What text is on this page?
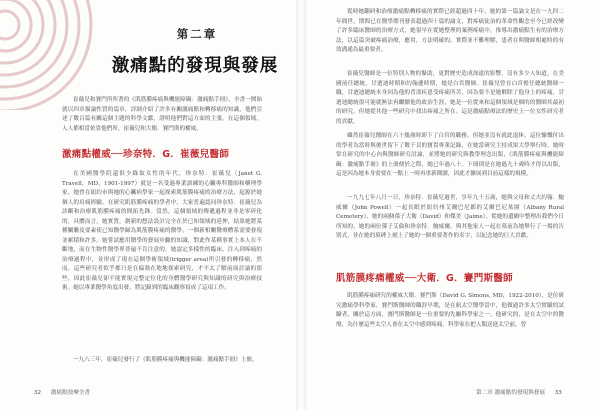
第二章
激痛點的發現與發展

崔薇兒和賽門所所著的《肌筋膜疼痛與機能障礙：激痛點手冊》，全書一開始就以四章描論性質的篇章，詳細介紹了許多有關激痛點和轉移痛的知識，他們引述了數百篇有關這個主題的科學文獻，證明他們對這方面的主張。在這個領域，人人都相當依靠他們所，崔薇兒和大衛．賽門斯的權威。

激痛點權威──珍奈特．G．崔薇兒醫師

在美國醫學院還很少錄取女性的年代，珍奈特．崔薇兒（Janet G. Travell，MD，1901-1997）就是一名受過專業訓練的心臟專科醫師和藥理學家。她曾在紐約市與她的心臟病學家一起探索肌筋膜疼痛的治療方法，起源於她個人的肩痛經驗。在研究肌筋膜疼痛的學者中，大家普遍認同珍奈特．崔薇兒為診斷和治療肌筋膜疼痛的開拓先鋒。當然，這個領域的傳遞過程並非是零碎化的，具體而言，她實質，創新的想法設計完全在於已知領域的延伸，結果她將某種關聯及要素使已知醫學歸為肌筋膜疼痛的醫學。一個新相關醫療體系需要發現並累積和許多。她嘗試應用醫學的發展步驟的知識，對此作某種事實上本人在不斷地，而在生物性醫學界普遍不肯注意的。她認定多樣性的臨床，注入到疼痛的治療過程中，並形成了現在這個學術領域(trigger area)所引發的轉移痛，然而，這些研究者似乎都只是在偏執在地地探索研究，才不太了解前面討論的那些，因此崔薇兒卻不能實現完整定位化的身體醫學研究與知識的研究與治療技術。她以專業醫學角度出發，將記錄到的臨床觀察寫成了這項工作。

一九八三年，崔薇兒發行了《肌筋膜疼痛與機能障礙：激痛點手冊》上冊，

32 激痛點按摩全書

從時她翻研和治療激痛點轉移痛的實際已經超過四十年，她的第一篇論文是在一九四二年間世，期間已在醫學期刊發表超過四十篇的論文，對疼痛徒治的革命性觀念至今已經改變了許多臨床醫師的治療方式，她很早在從她整理的案例疼痛中，推導出激痛點生有的治療方法，以這篇突破疼痛治療，應用，方法明確的、實際並不難理解，患者在與醫師相處時的有效溝通為最重要者。

崔薇兒醫師是一位特別人物的緊助，更對歷史造成深遠的影響，沒有多少人知道，在美國前任總統，甘迺迪時期和約翰遜時期，她是白宮醫師。崔薇兒曾在白宮擔任總統醫師一職，甘迺迪總統本身因為他的背部疾患受疼痛所苦，因為要不是她解除了他身上的疼痛，甘迺迪總統很可能就無法再繼續他的政治生涯，她是一位從來和這個領域是個的的醫師其最初的研究，但她從其他一些研究中找出疼痛之所在。這是激痛點療法的歷史上一位女性研究者的貢獻。

雖然崔薇兒醫師在六十幾歲時卸下了白宮的職務，但她並沒有就此退休，這位慷慨付出的學者為當時與後世留下了數千頁的寶貴專業記錄，在她當研究主持成果大學舉行時，她時常在研究的中心內與醫師研究討論，並將她的研究與教學理念出版，《肌筋膜疼痛與機能障礙：激痛點手冊》的上冊便於之際，她已年過八十。下冊則是在她過九十歲時才得以出版，這是因為她本身需要在一點上一時再重新閱讀，因此才擴展到目前這樣的規模。

一九九七年八月一日，珍奈特．崔薇兒過世，享年九十五歲，她與父母和丈夫約翰．鮑威爾（John Powell）一起長眠於紐約州艾爾巴尼郡的艾爾巴尼墓園（Albany Rural Cemetery），她的兩個孫子大衛（David）和傑美（Jaime），從她的遺願中整理出我們今日所知的。她的兩位孫子艾倫和珍奈特．鮑威爾，與其他家人一起在墓前為她舉行了一場的告別式，並在她的墓碑上刻上了她的一個重要著作的名字，以紀念她的巨大貢獻。

肌筋膜疼痛權威──大衛．G．賽門斯醫師

肌筋膜疼痛研究的權威大衛．賽門斯（David G. Simons, MD，1922-2010），是位研究激痛學科學家，賽門斯醫師的職涯早期，是在航太空醫學當中，他做過許多太空實驗的試驗者，關於這方面，賽門斯醫師是一位重要的先驅科學家之一。他研究的，是在太空中的醫療，為什麼這些太空人會在太空中感到疼痛，科學家在把人類送進太空前，曾

第二章 激痛點的發現與發展 33
